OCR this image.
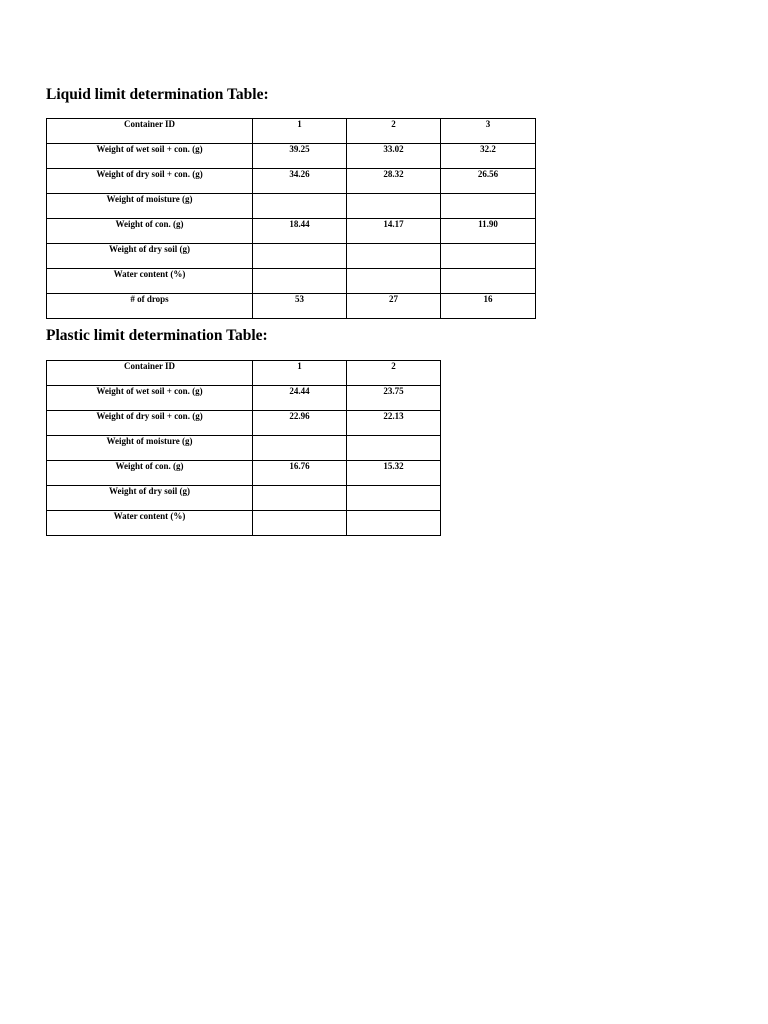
Liquid limit determination Table:
Container ID	1	2	3

Weight of wet soil + con. (g)	39.25	33.02	32.2

Weight of dry soil + con. (g)	34.26	28.32	26.56

Weight of moisture (g)			

Weight of con. (g)	18.44	14.17	11.90

Weight of dry soil (g)			

Water content (%)			

# of drops	53	27	16
Plastic limit determination Table:
Container ID	1	2

Weight of wet soil + con. (g)	24.44	23.75

Weight of dry soil + con. (g)	22.96	22.13

Weight of moisture (g)		

Weight of con. (g)	16.76	15.32

Weight of dry soil (g)		

Water content (%)		
